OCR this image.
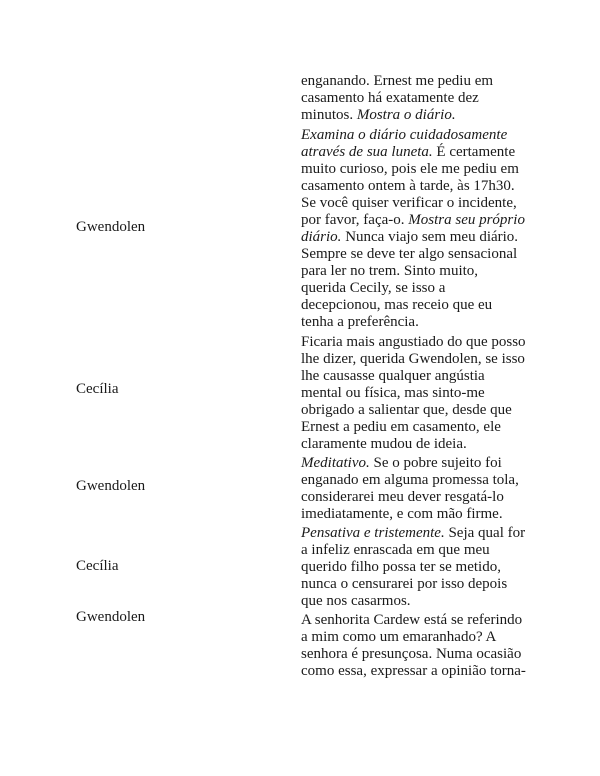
Gwendolen
Cecília
Gwendolen
Cecília
Gwendolen
enganando. Ernest me pediu em
casamento há exatamente dez
minutos. Mostra o diário.
Examina o diário cuidadosamente
através de sua luneta. É certamente
muito curioso, pois ele me pediu em
casamento ontem à tarde, às 17h30.
Se você quiser verificar o incidente,
por favor, faça-o. Mostra seu próprio
diário. Nunca viajo sem meu diário.
Sempre se deve ter algo sensacional
para ler no trem. Sinto muito,
querida Cecily, se isso a
decepcionou, mas receio que eu
tenha a preferência.
Ficaria mais angustiado do que posso
lhe dizer, querida Gwendolen, se isso
lhe causasse qualquer angústia
mental ou física, mas sinto-me
obrigado a salientar que, desde que
Ernest a pediu em casamento, ele
claramente mudou de ideia.
Meditativo. Se o pobre sujeito foi
enganado em alguma promessa tola,
considerarei meu dever resgatá-lo
imediatamente, e com mão firme.
Pensativa e tristemente. Seja qual for
a infeliz enrascada em que meu
querido filho possa ter se metido,
nunca o censurarei por isso depois
que nos casarmos.
A senhorita Cardew está se referindo
a mim como um emaranhado? A
senhora é presunçosa. Numa ocasião
como essa, expressar a opinião torna-
